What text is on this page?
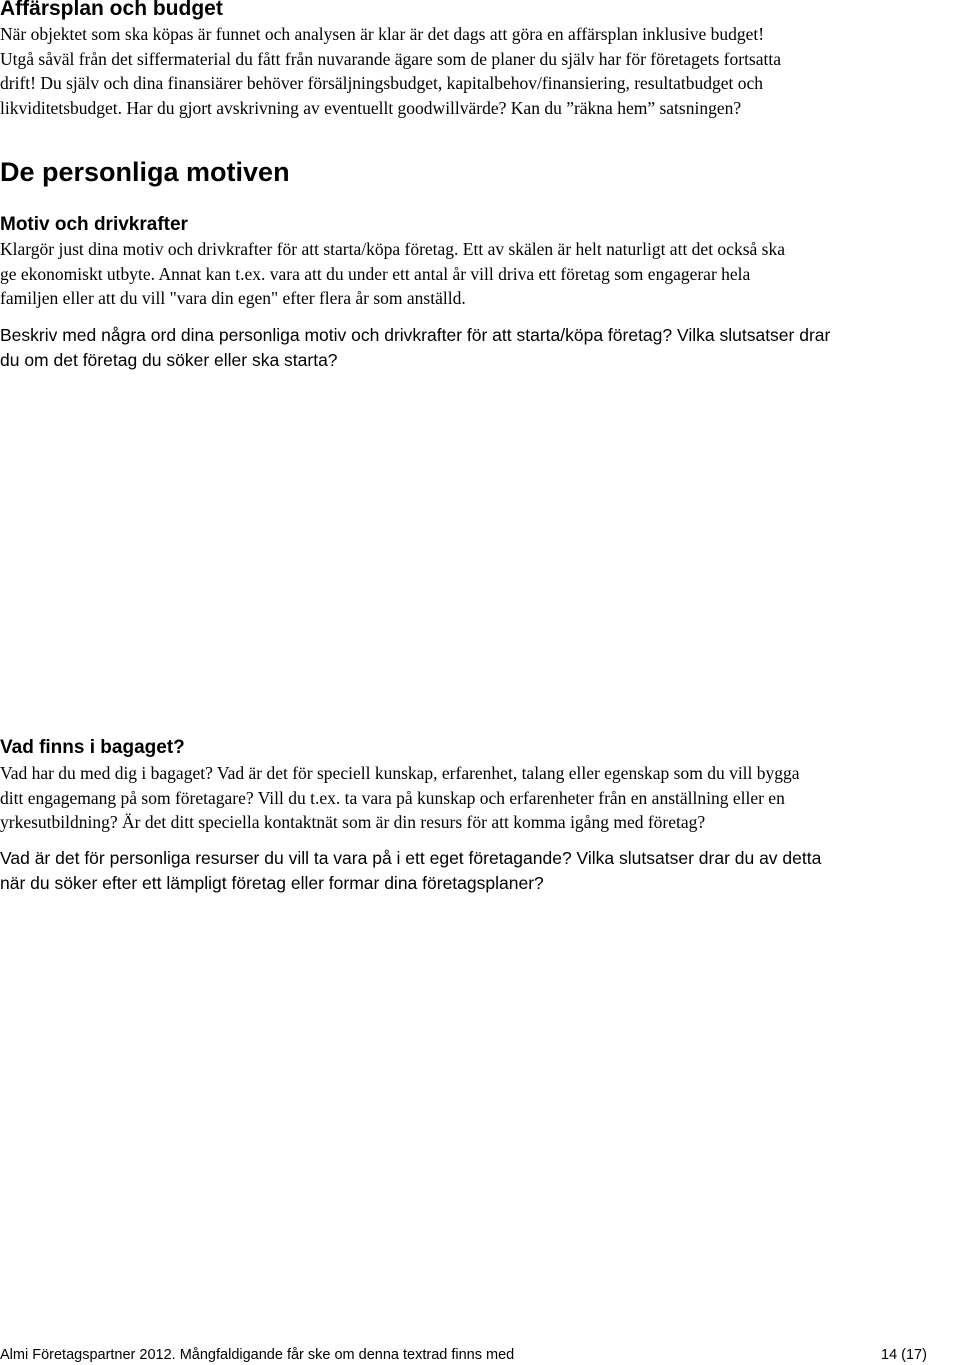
Affärsplan och budget
När objektet som ska köpas är funnet och analysen är klar är det dags att göra en affärsplan inklusive budget!
Utgå såväl från det siffermaterial du fått från nuvarande ägare som de planer du själv har för företagets fortsatta
drift! Du själv och dina finansiärer behöver försäljningsbudget, kapitalbehov/finansiering, resultatbudget och
likviditetsbudget. Har du gjort avskrivning av eventuellt goodwillvärde? Kan du ”räkna hem” satsningen?
De personliga motiven
Motiv och drivkrafter
Klargör just dina motiv och drivkrafter för att starta/köpa företag. Ett av skälen är helt naturligt att det också ska
ge ekonomiskt utbyte. Annat kan t.ex. vara att du under ett antal år vill driva ett företag som engagerar hela
familjen eller att du vill "vara din egen" efter flera år som anställd.
Beskriv med några ord dina personliga motiv och drivkrafter för att starta/köpa företag? Vilka slutsatser drar
du om det företag du söker eller ska starta?
Vad finns i bagaget?
Vad har du med dig i bagaget? Vad är det för speciell kunskap, erfarenhet, talang eller egenskap som du vill bygga
ditt engagemang på som företagare? Vill du t.ex. ta vara på kunskap och erfarenheter från en anställning eller en
yrkesutbildning? Är det ditt speciella kontaktnät som är din resurs för att komma igång med företag?
Vad är det för personliga resurser du vill ta vara på i ett eget företagande? Vilka slutsatser drar du av detta
när du söker efter ett lämpligt företag eller formar dina företagsplaner?
Almi Företagspartner 2012. Mångfaldigande får ske om denna textrad finns med	14 (17)
